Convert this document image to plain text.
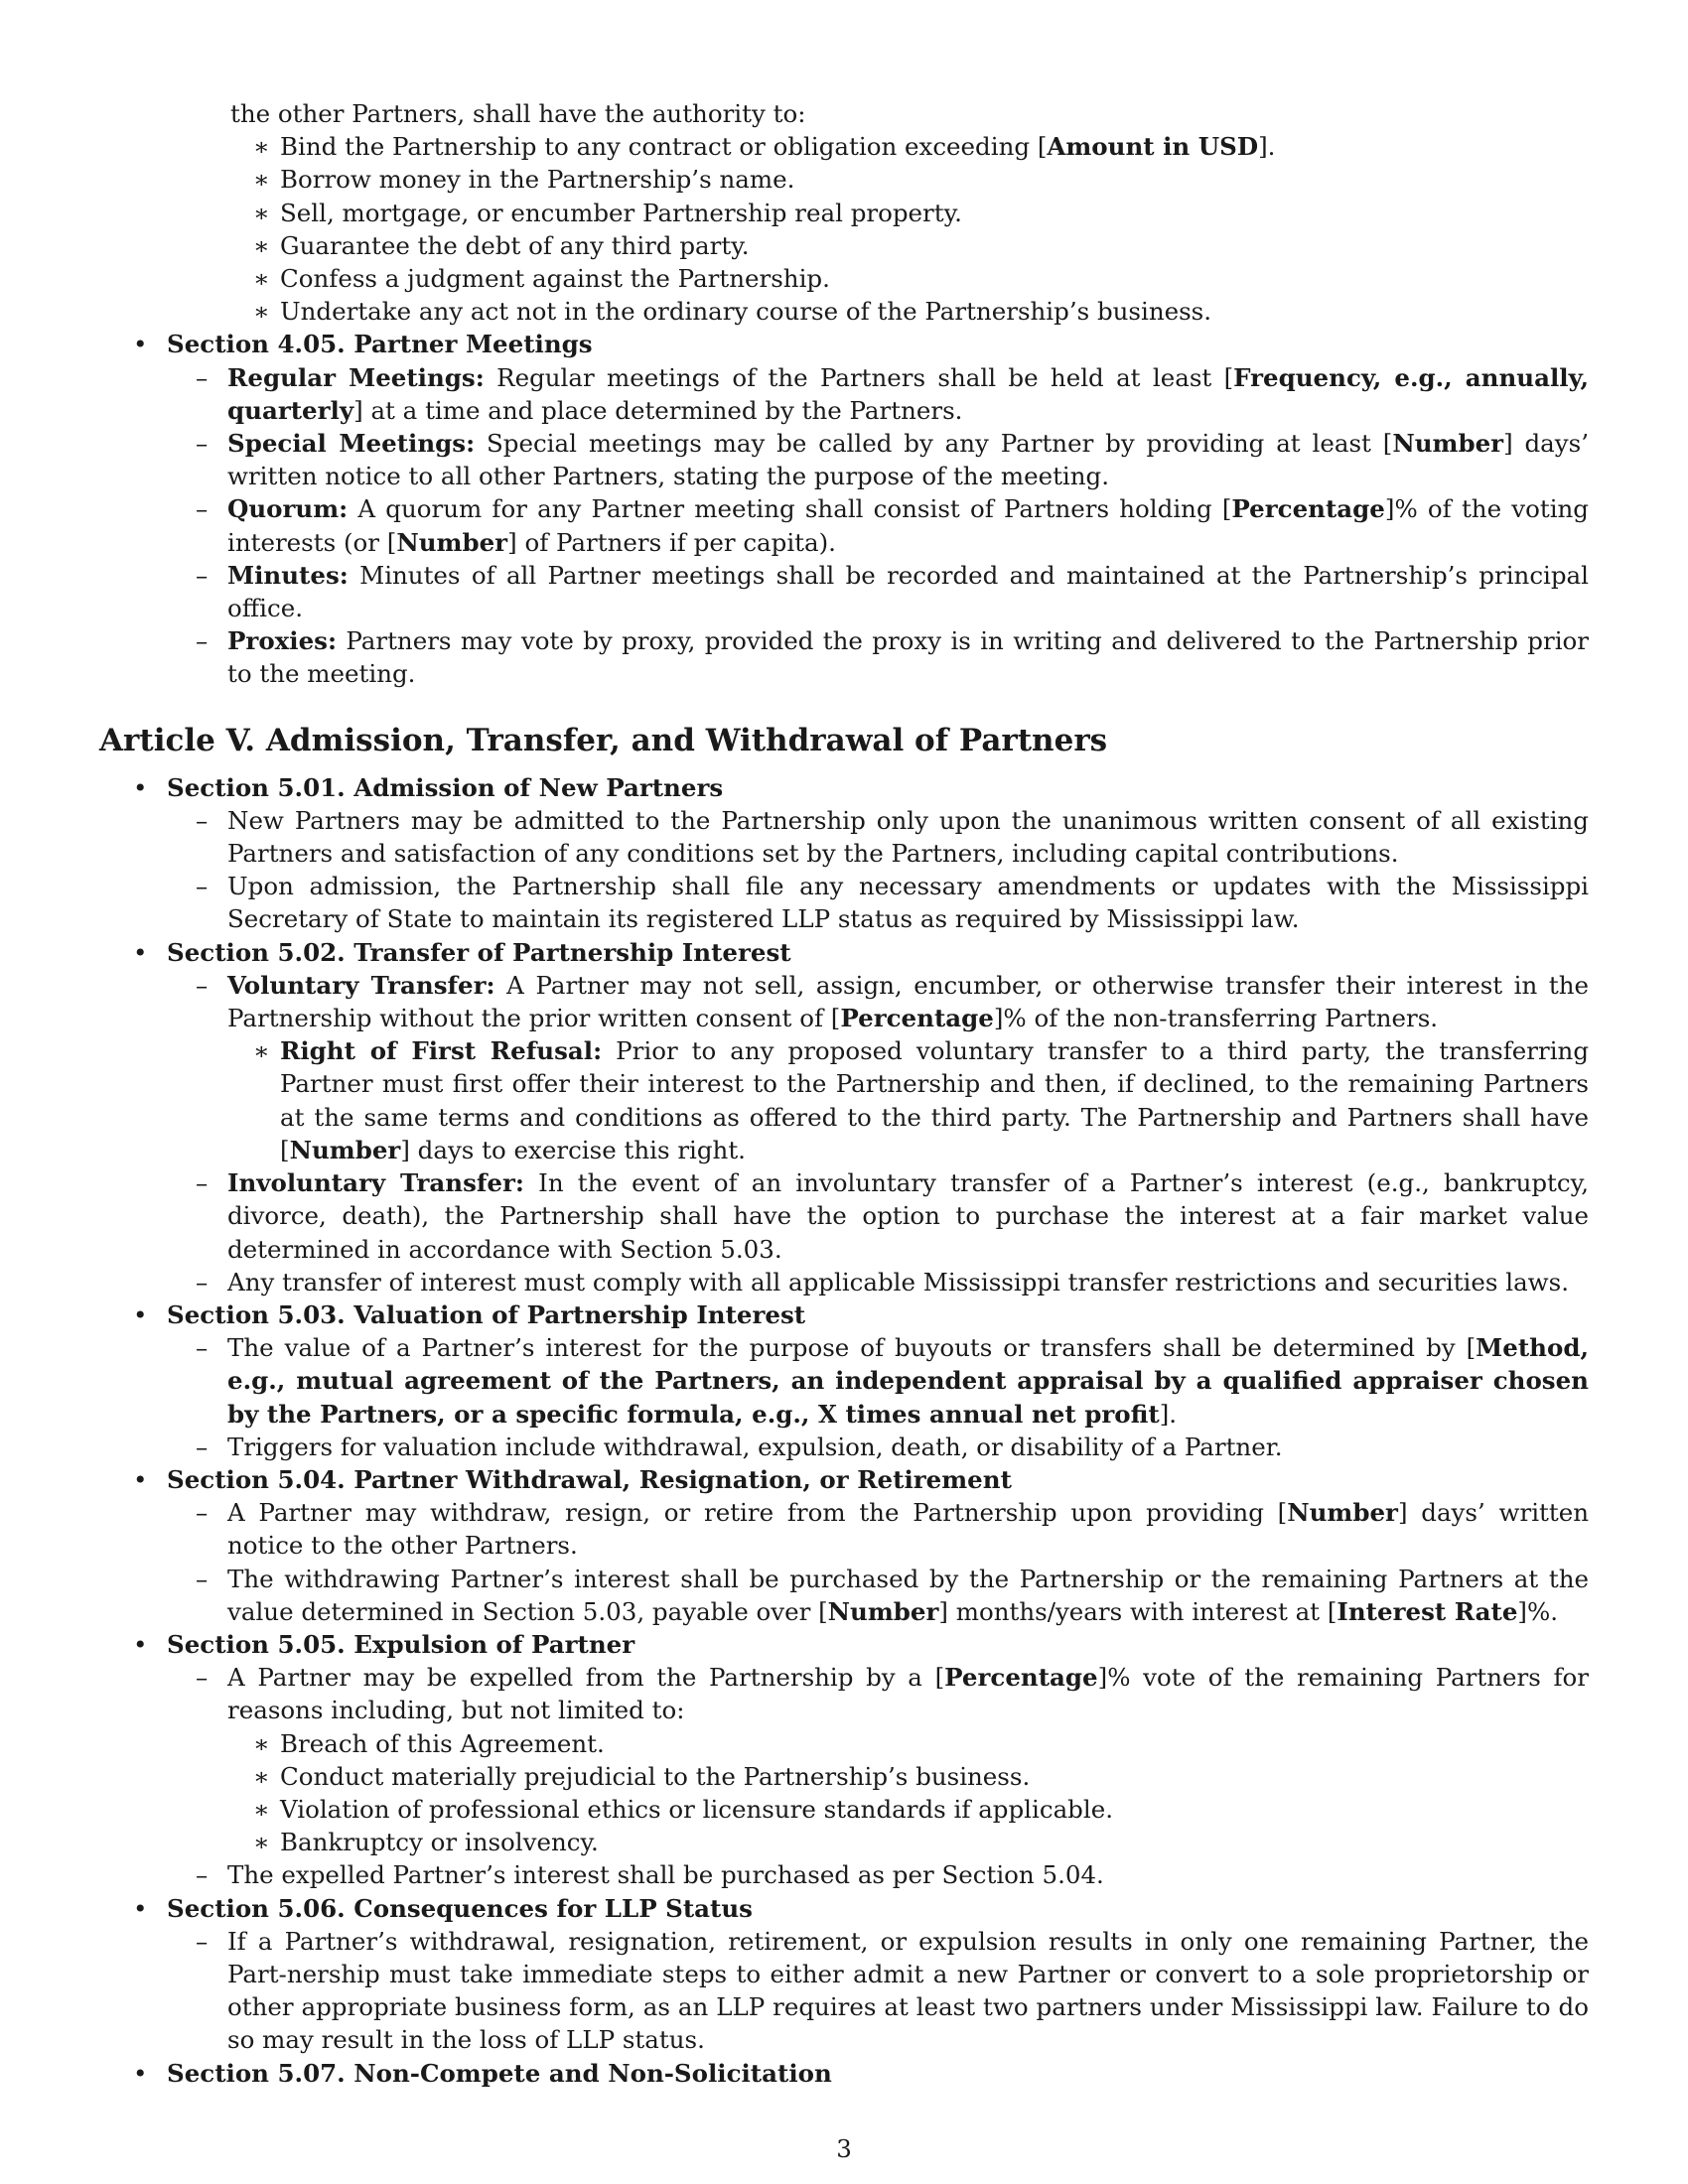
the other Partners, shall have the authority to:
∗ Bind the Partnership to any contract or obligation exceeding [Amount in USD].
∗ Borrow money in the Partnership’s name.
∗ Sell, mortgage, or encumber Partnership real property.
∗ Guarantee the debt of any third party.
∗ Confess a judgment against the Partnership.
∗ Undertake any act not in the ordinary course of the Partnership’s business.
• Section 4.05. Partner Meetings
– Regular Meetings: Regular meetings of the Partners shall be held at least [Frequency, e.g., annually, quarterly] at a time and place determined by the Partners.
– Special Meetings: Special meetings may be called by any Partner by providing at least [Number] days’ written notice to all other Partners, stating the purpose of the meeting.
– Quorum: A quorum for any Partner meeting shall consist of Partners holding [Percentage]% of the voting interests (or [Number] of Partners if per capita).
– Minutes: Minutes of all Partner meetings shall be recorded and maintained at the Partnership’s principal office.
– Proxies: Partners may vote by proxy, provided the proxy is in writing and delivered to the Partnership prior to the meeting.
Article V. Admission, Transfer, and Withdrawal of Partners
• Section 5.01. Admission of New Partners
– New Partners may be admitted to the Partnership only upon the unanimous written consent of all existing Partners and satisfaction of any conditions set by the Partners, including capital contributions.
– Upon admission, the Partnership shall file any necessary amendments or updates with the Mississippi Secretary of State to maintain its registered LLP status as required by Mississippi law.
• Section 5.02. Transfer of Partnership Interest
– Voluntary Transfer: A Partner may not sell, assign, encumber, or otherwise transfer their interest in the Partnership without the prior written consent of [Percentage]% of the non-transferring Partners.
∗ Right of First Refusal: Prior to any proposed voluntary transfer to a third party, the transferring Partner must first offer their interest to the Partnership and then, if declined, to the remaining Partners at the same terms and conditions as offered to the third party. The Partnership and Partners shall have [Number] days to exercise this right.
– Involuntary Transfer: In the event of an involuntary transfer of a Partner’s interest (e.g., bankruptcy, divorce, death), the Partnership shall have the option to purchase the interest at a fair market value determined in accordance with Section 5.03.
– Any transfer of interest must comply with all applicable Mississippi transfer restrictions and securities laws.
• Section 5.03. Valuation of Partnership Interest
– The value of a Partner’s interest for the purpose of buyouts or transfers shall be determined by [Method, e.g., mutual agreement of the Partners, an independent appraisal by a qualified appraiser chosen by the Partners, or a specific formula, e.g., X times annual net profit].
– Triggers for valuation include withdrawal, expulsion, death, or disability of a Partner.
• Section 5.04. Partner Withdrawal, Resignation, or Retirement
– A Partner may withdraw, resign, or retire from the Partnership upon providing [Number] days’ written notice to the other Partners.
– The withdrawing Partner’s interest shall be purchased by the Partnership or the remaining Partners at the value determined in Section 5.03, payable over [Number] months/years with interest at [Interest Rate]%.
• Section 5.05. Expulsion of Partner
– A Partner may be expelled from the Partnership by a [Percentage]% vote of the remaining Partners for reasons including, but not limited to:
∗ Breach of this Agreement.
∗ Conduct materially prejudicial to the Partnership’s business.
∗ Violation of professional ethics or licensure standards if applicable.
∗ Bankruptcy or insolvency.
– The expelled Partner’s interest shall be purchased as per Section 5.04.
• Section 5.06. Consequences for LLP Status
– If a Partner’s withdrawal, resignation, retirement, or expulsion results in only one remaining Partner, the Part-nership must take immediate steps to either admit a new Partner or convert to a sole proprietorship or other appropriate business form, as an LLP requires at least two partners under Mississippi law. Failure to do so may result in the loss of LLP status.
• Section 5.07. Non-Compete and Non-Solicitation
3
